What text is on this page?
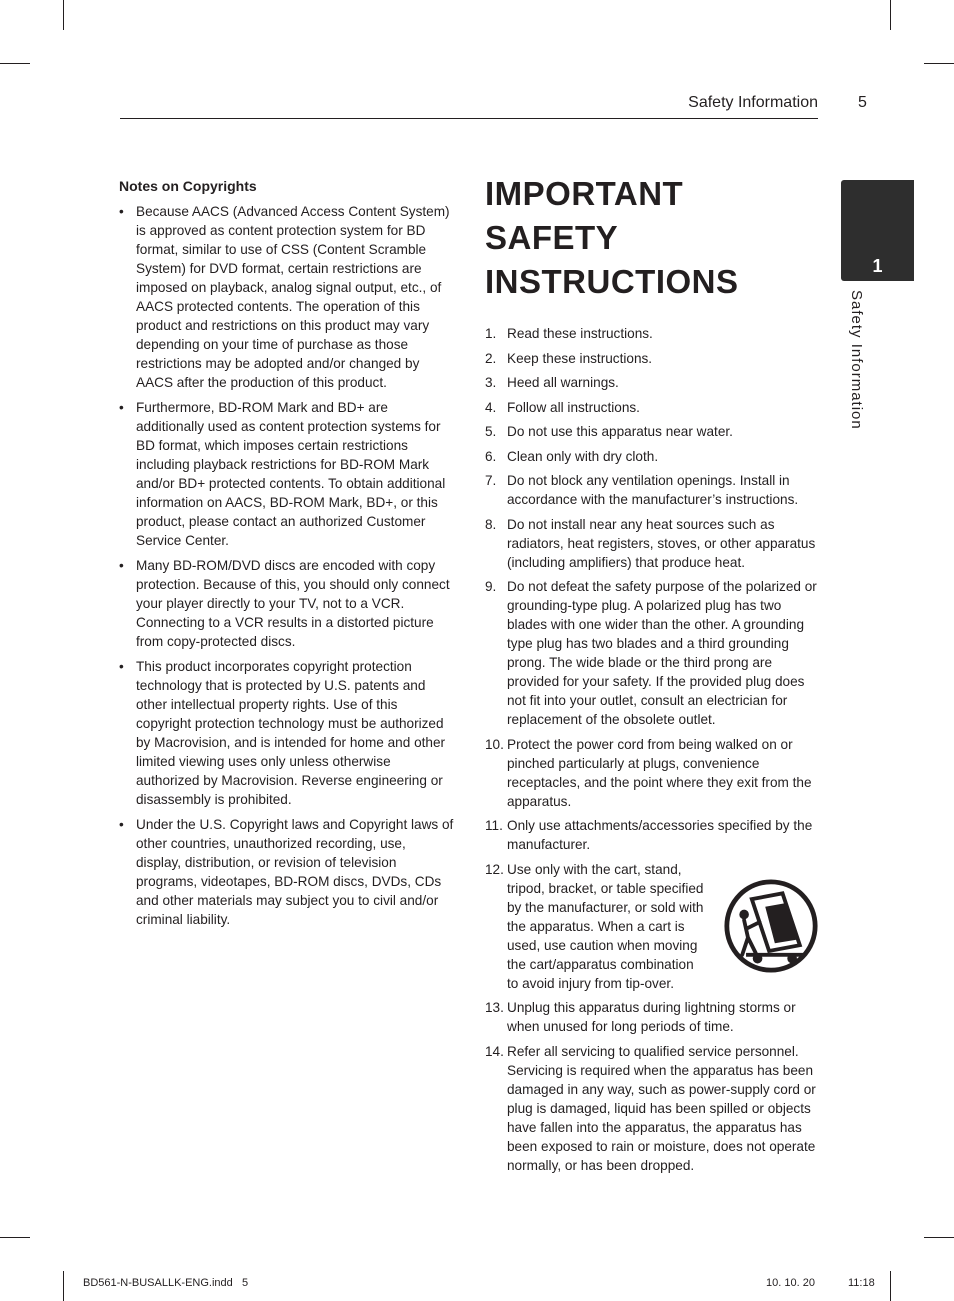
Safety Information	5
1
Safety Information
Notes on Copyrights
• Because AACS (Advanced Access Content System) is approved as content protection system for BD format, similar to use of CSS (Content Scramble System) for DVD format, certain restrictions are imposed on playback, analog signal output, etc., of AACS protected contents. The operation of this product and restrictions on this product may vary depending on your time of purchase as those restrictions may be adopted and/or changed by AACS after the production of this product.
• Furthermore, BD-ROM Mark and BD+ are additionally used as content protection systems for BD format, which imposes certain restrictions including playback restrictions for BD-ROM Mark and/or BD+ protected contents. To obtain additional information on AACS, BD-ROM Mark, BD+, or this product, please contact an authorized Customer Service Center.
• Many BD-ROM/DVD discs are encoded with copy protection. Because of this, you should only connect your player directly to your TV, not to a VCR. Connecting to a VCR results in a distorted picture from copy-protected discs.
• This product incorporates copyright protection technology that is protected by U.S. patents and other intellectual property rights. Use of this copyright protection technology must be authorized by Macrovision, and is intended for home and other limited viewing uses only unless otherwise authorized by Macrovision. Reverse engineering or disassembly is prohibited.
• Under the U.S. Copyright laws and Copyright laws of other countries, unauthorized recording, use, display, distribution, or revision of television programs, videotapes, BD-ROM discs, DVDs, CDs and other materials may subject you to civil and/or criminal liability.
IMPORTANT SAFETY INSTRUCTIONS
1. Read these instructions.
2. Keep these instructions.
3. Heed all warnings.
4. Follow all instructions.
5. Do not use this apparatus near water.
6. Clean only with dry cloth.
7. Do not block any ventilation openings. Install in accordance with the manufacturer’s instructions.
8. Do not install near any heat sources such as radiators, heat registers, stoves, or other apparatus (including amplifiers) that produce heat.
9. Do not defeat the safety purpose of the polarized or grounding-type plug. A polarized plug has two blades with one wider than the other. A grounding type plug has two blades and a third grounding prong. The wide blade or the third prong are provided for your safety. If the provided plug does not fit into your outlet, consult an electrician for replacement of the obsolete outlet.
10. Protect the power cord from being walked on or pinched particularly at plugs, convenience receptacles, and the point where they exit from the apparatus.
11. Only use attachments/accessories specified by the manufacturer.
12. Use only with the cart, stand, tripod, bracket, or table specified by the manufacturer, or sold with the apparatus. When a cart is used, use caution when moving the cart/apparatus combination to avoid injury from tip-over.
13. Unplug this apparatus during lightning storms or when unused for long periods of time.
14. Refer all servicing to qualified service personnel. Servicing is required when the apparatus has been damaged in any way, such as power-supply cord or plug is damaged, liquid has been spilled or objects have fallen into the apparatus, the apparatus has been exposed to rain or moisture, does not operate normally, or has been dropped.
BD561-N-BUSALLK-ENG.indd   5	10. 10. 20	11:18
